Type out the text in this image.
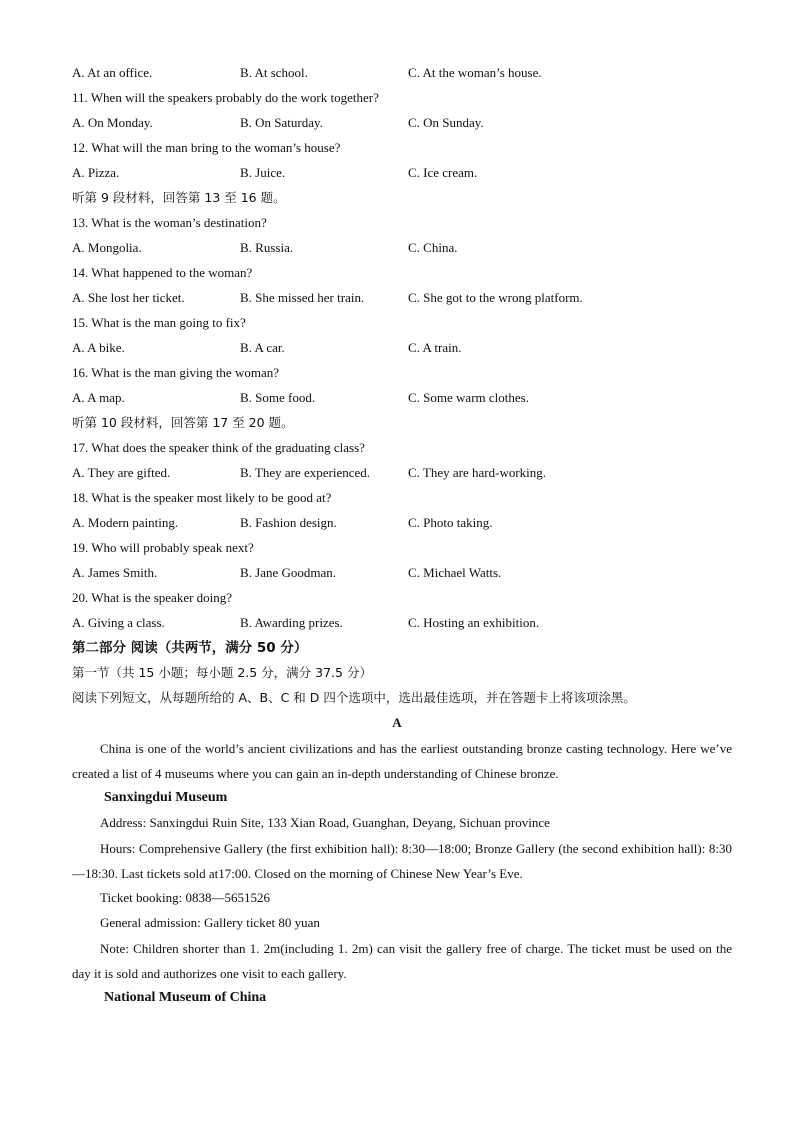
A. At an office.	B. At school.	C. At the woman’s house.
11. When will the speakers probably do the work together?
A. On Monday.	B. On Saturday.	C. On Sunday.
12. What will the man bring to the woman’s house?
A. Pizza.	B. Juice.	C. Ice cream.
听第 9 段材料，回答第 13 至 16 题。
13. What is the woman’s destination?
A. Mongolia.	B. Russia.	C. China.
14. What happened to the woman?
A. She lost her ticket.	B. She missed her train.	C. She got to the wrong platform.
15. What is the man going to fix?
A. A bike.	B. A car.	C. A train.
16. What is the man giving the woman?
A. A map.	B. Some food.	C. Some warm clothes.
听第 10 段材料，回答第 17 至 20 题。
17. What does the speaker think of the graduating class?
A. They are gifted.	B. They are experienced.	C. They are hard-working.
18. What is the speaker most likely to be good at?
A. Modern painting.	B. Fashion design.	C. Photo taking.
19. Who will probably speak next?
A. James Smith.	B. Jane Goodman.	C. Michael Watts.
20. What is the speaker doing?
A. Giving a class.	B. Awarding prizes.	C. Hosting an exhibition.
第二部分 阅读（共两节，满分 50 分）
第一节（共 15 小题；每小题 2.5 分，满分 37.5 分）
阅读下列短文，从每题所给的 A、B、C 和 D 四个选项中，选出最佳选项，并在答题卡上将该项涂黑。
A
China is one of the world’s ancient civilizations and has the earliest outstanding bronze casting technology. Here we’ve created a list of 4 museums where you can gain an in-depth understanding of Chinese bronze.
Sanxingdui Museum
Address: Sanxingdui Ruin Site, 133 Xian Road, Guanghan, Deyang, Sichuan province
Hours: Comprehensive Gallery (the first exhibition hall): 8:30—18:00; Bronze Gallery (the second exhibition hall): 8:30—18:30. Last tickets sold at17:00. Closed on the morning of Chinese New Year’s Eve.
Ticket booking: 0838—5651526
General admission: Gallery ticket 80 yuan
Note: Children shorter than 1. 2m(including 1. 2m) can visit the gallery free of charge. The ticket must be used on the day it is sold and authorizes one visit to each gallery.
National Museum of China
